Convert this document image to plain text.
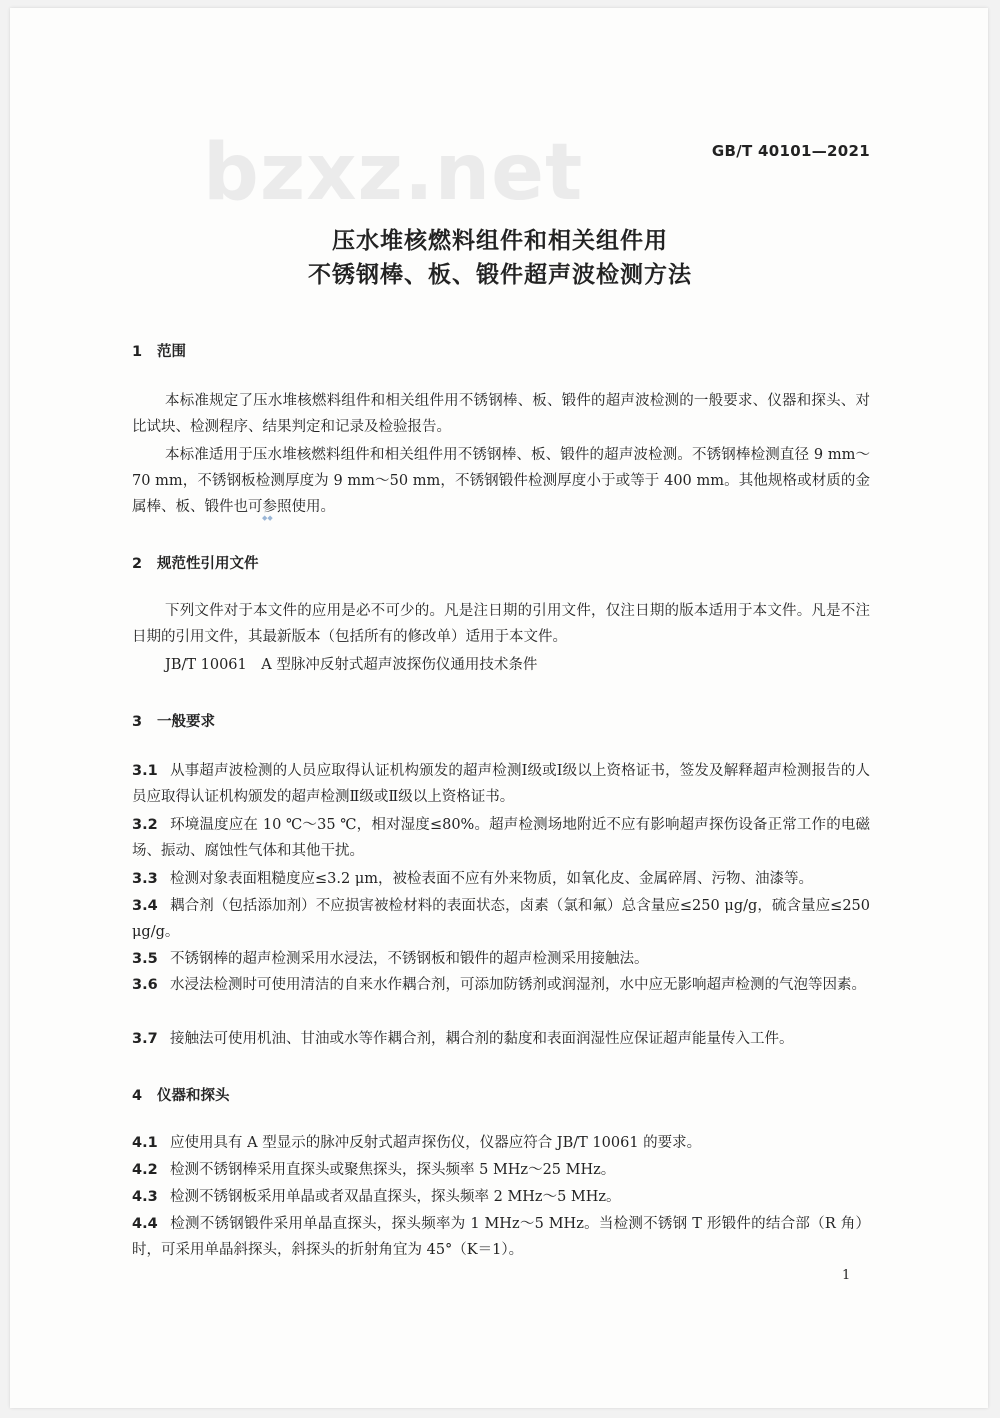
bzxz.net	GB/T 40101—2021
压水堆核燃料组件和相关组件用
不锈钢棒、板、锻件超声波检测方法
1 范围
本标准规定了压水堆核燃料组件和相关组件用不锈钢棒、板、锻件的超声波检测的一般要求、仪器和探头、对比试块、检测程序、结果判定和记录及检验报告。
本标准适用于压水堆核燃料组件和相关组件用不锈钢棒、板、锻件的超声波检测。不锈钢棒检测直径 9 mm～70 mm，不锈钢板检测厚度为 9 mm～50 mm，不锈钢锻件检测厚度小于或等于 400 mm。其他规格或材质的金属棒、板、锻件也可参照使用。
◆◆
2 规范性引用文件
下列文件对于本文件的应用是必不可少的。凡是注日期的引用文件，仅注日期的版本适用于本文件。凡是不注日期的引用文件，其最新版本（包括所有的修改单）适用于本文件。
JB/T 10061　A 型脉冲反射式超声波探伤仪通用技术条件
3 一般要求
3.1 从事超声波检测的人员应取得认证机构颁发的超声检测Ⅰ级或Ⅰ级以上资格证书，签发及解释超声检测报告的人员应取得认证机构颁发的超声检测Ⅱ级或Ⅱ级以上资格证书。
3.2 环境温度应在 10 ℃～35 ℃，相对湿度≤80%。超声检测场地附近不应有影响超声探伤设备正常工作的电磁场、振动、腐蚀性气体和其他干扰。
3.3 检测对象表面粗糙度应≤3.2 μm，被检表面不应有外来物质，如氧化皮、金属碎屑、污物、油漆等。
3.4 耦合剂（包括添加剂）不应损害被检材料的表面状态，卤素（氯和氟）总含量应≤250 μg/g，硫含量应≤250 μg/g。
3.5 不锈钢棒的超声检测采用水浸法，不锈钢板和锻件的超声检测采用接触法。
3.6 水浸法检测时可使用清洁的自来水作耦合剂，可添加防锈剂或润湿剂，水中应无影响超声检测的气泡等因素。
3.7 接触法可使用机油、甘油或水等作耦合剂，耦合剂的黏度和表面润湿性应保证超声能量传入工件。
4 仪器和探头
4.1 应使用具有 A 型显示的脉冲反射式超声探伤仪，仪器应符合 JB/T 10061 的要求。
4.2 检测不锈钢棒采用直探头或聚焦探头，探头频率 5 MHz～25 MHz。
4.3 检测不锈钢板采用单晶或者双晶直探头，探头频率 2 MHz～5 MHz。
4.4 检测不锈钢锻件采用单晶直探头，探头频率为 1 MHz～5 MHz。当检测不锈钢 T 形锻件的结合部（R 角）时，可采用单晶斜探头，斜探头的折射角宜为 45°（K＝1）。
1
